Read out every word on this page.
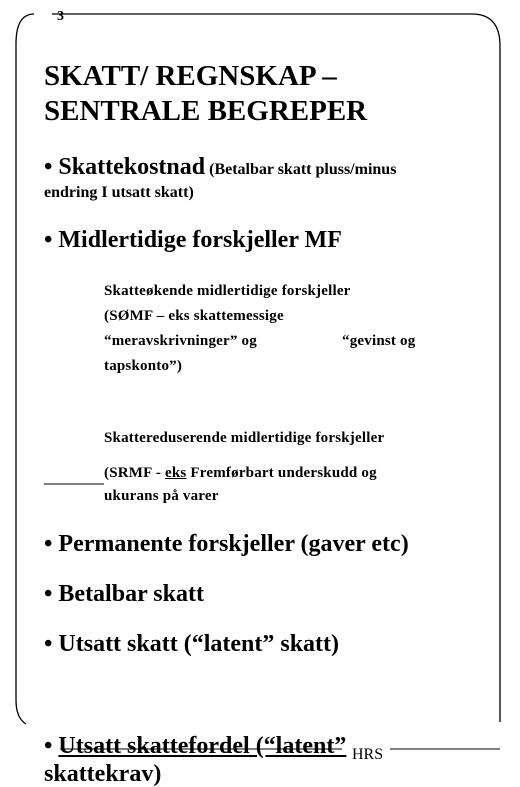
3
SKATT/ REGNSKAP –
SENTRALE BEGREPER
• Skattekostnad (Betalbar skatt pluss/minus
endring I utsatt skatt)
• Midlertidige forskjeller MF
Skatteøkende midlertidige forskjeller
(SØMF – eks skattemessige
“meravskrivninger” og	“gevinst og
tapskonto”)
Skattereduserende midlertidige forskjeller
(SRMF - eks Fremførbart underskudd og
ukurans på varer
• Permanente forskjeller (gaver etc)
• Betalbar skatt
• Utsatt skatt (“latent” skatt)
• Utsatt skattefordel (“latent”
skattekrav)
HRS
